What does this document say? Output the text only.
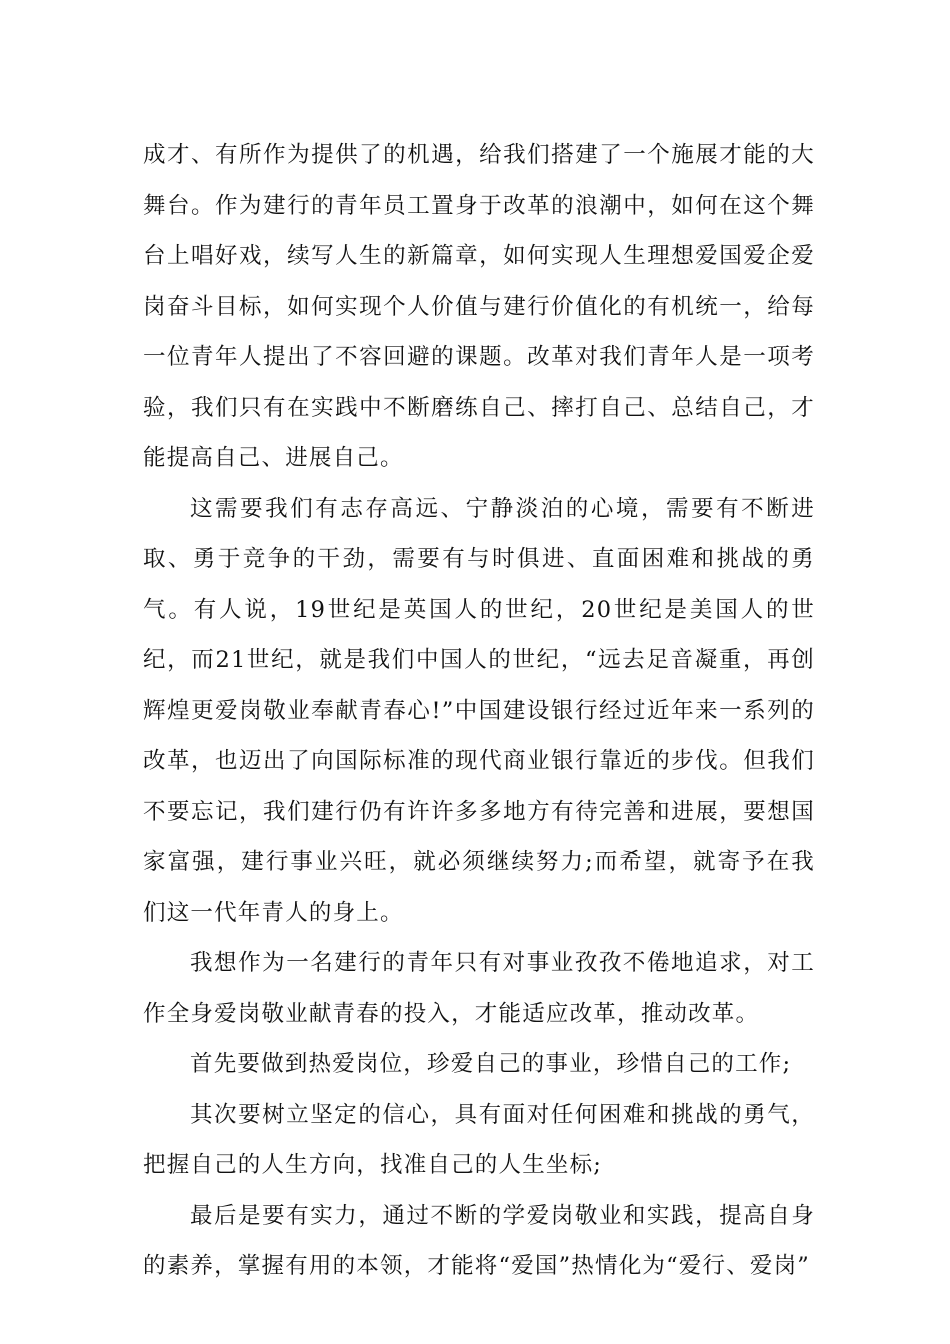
成才、有所作为提供了的机遇，给我们搭建了一个施展才能的大舞台。作为建行的青年员工置身于改革的浪潮中，如何在这个舞台上唱好戏，续写人生的新篇章，如何实现人生理想爱国爱企爱岗奋斗目标，如何实现个人价值与建行价值化的有机统一，给每一位青年人提出了不容回避的课题。改革对我们青年人是一项考验，我们只有在实践中不断磨练自己、摔打自己、总结自己，才能提高自己、进展自己。

这需要我们有志存高远、宁静淡泊的心境，需要有不断进取、勇于竞争的干劲，需要有与时俱进、直面困难和挑战的勇气。有人说，19世纪是英国人的世纪，20世纪是美国人的世纪，而21世纪，就是我们中国人的世纪，“远去足音凝重，再创辉煌更爱岗敬业奉献青春心!”中国建设银行经过近年来一系列的改革，也迈出了向国际标准的现代商业银行靠近的步伐。但我们不要忘记，我们建行仍有许许多多地方有待完善和进展，要想国家富强，建行事业兴旺，就必须继续努力;而希望，就寄予在我们这一代年青人的身上。

我想作为一名建行的青年只有对事业孜孜不倦地追求，对工作全身爱岗敬业献青春的投入，才能适应改革，推动改革。

首先要做到热爱岗位，珍爱自己的事业，珍惜自己的工作;

其次要树立坚定的信心，具有面对任何困难和挑战的勇气，把握自己的人生方向，找准自己的人生坐标;

最后是要有实力，通过不断的学爱岗敬业和实践，提高自身的素养，掌握有用的本领，才能将“爱国”热情化为“爱行、爱岗”
